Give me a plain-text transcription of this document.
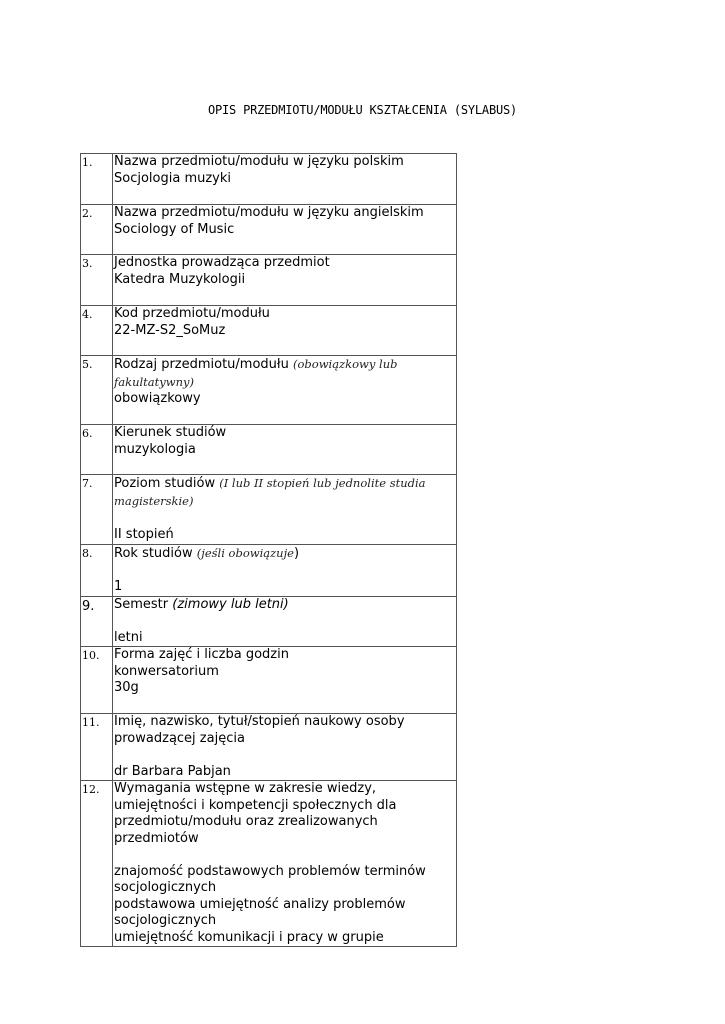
OPIS PRZEDMIOTU/MODUŁU KSZTAŁCENIA (SYLABUS)
1.	Nazwa przedmiotu/modułu w języku polskim
Socjologia muzyki

2.	Nazwa przedmiotu/modułu w języku angielskim
Sociology of Music

3.	Jednostka prowadząca przedmiot
Katedra Muzykologii

4.	Kod przedmiotu/modułu
22-MZ-S2_SoMuz

5.	Rodzaj przedmiotu/modułu (obowiązkowy lub fakultatywny)
obowiązkowy

6.	Kierunek studiów
muzykologia

7.	Poziom studiów (I lub II stopień lub jednolite studia magisterskie)
II stopień

8.	Rok studiów (jeśli obowiązuje)
1

9.	Semestr (zimowy lub letni)
letni

10.	Forma zajęć i liczba godzin
konwersatorium
30g

11.	Imię, nazwisko, tytuł/stopień naukowy osoby prowadzącej zajęcia
dr Barbara Pabjan

12.	Wymagania wstępne w zakresie wiedzy, umiejętności i kompetencji społecznych dla przedmiotu/modułu oraz zrealizowanych przedmiotów
znajomość podstawowych problemów terminów socjologicznych
podstawowa umiejętność analizy problemów socjologicznych
umiejętność komunikacji i pracy w grupie
